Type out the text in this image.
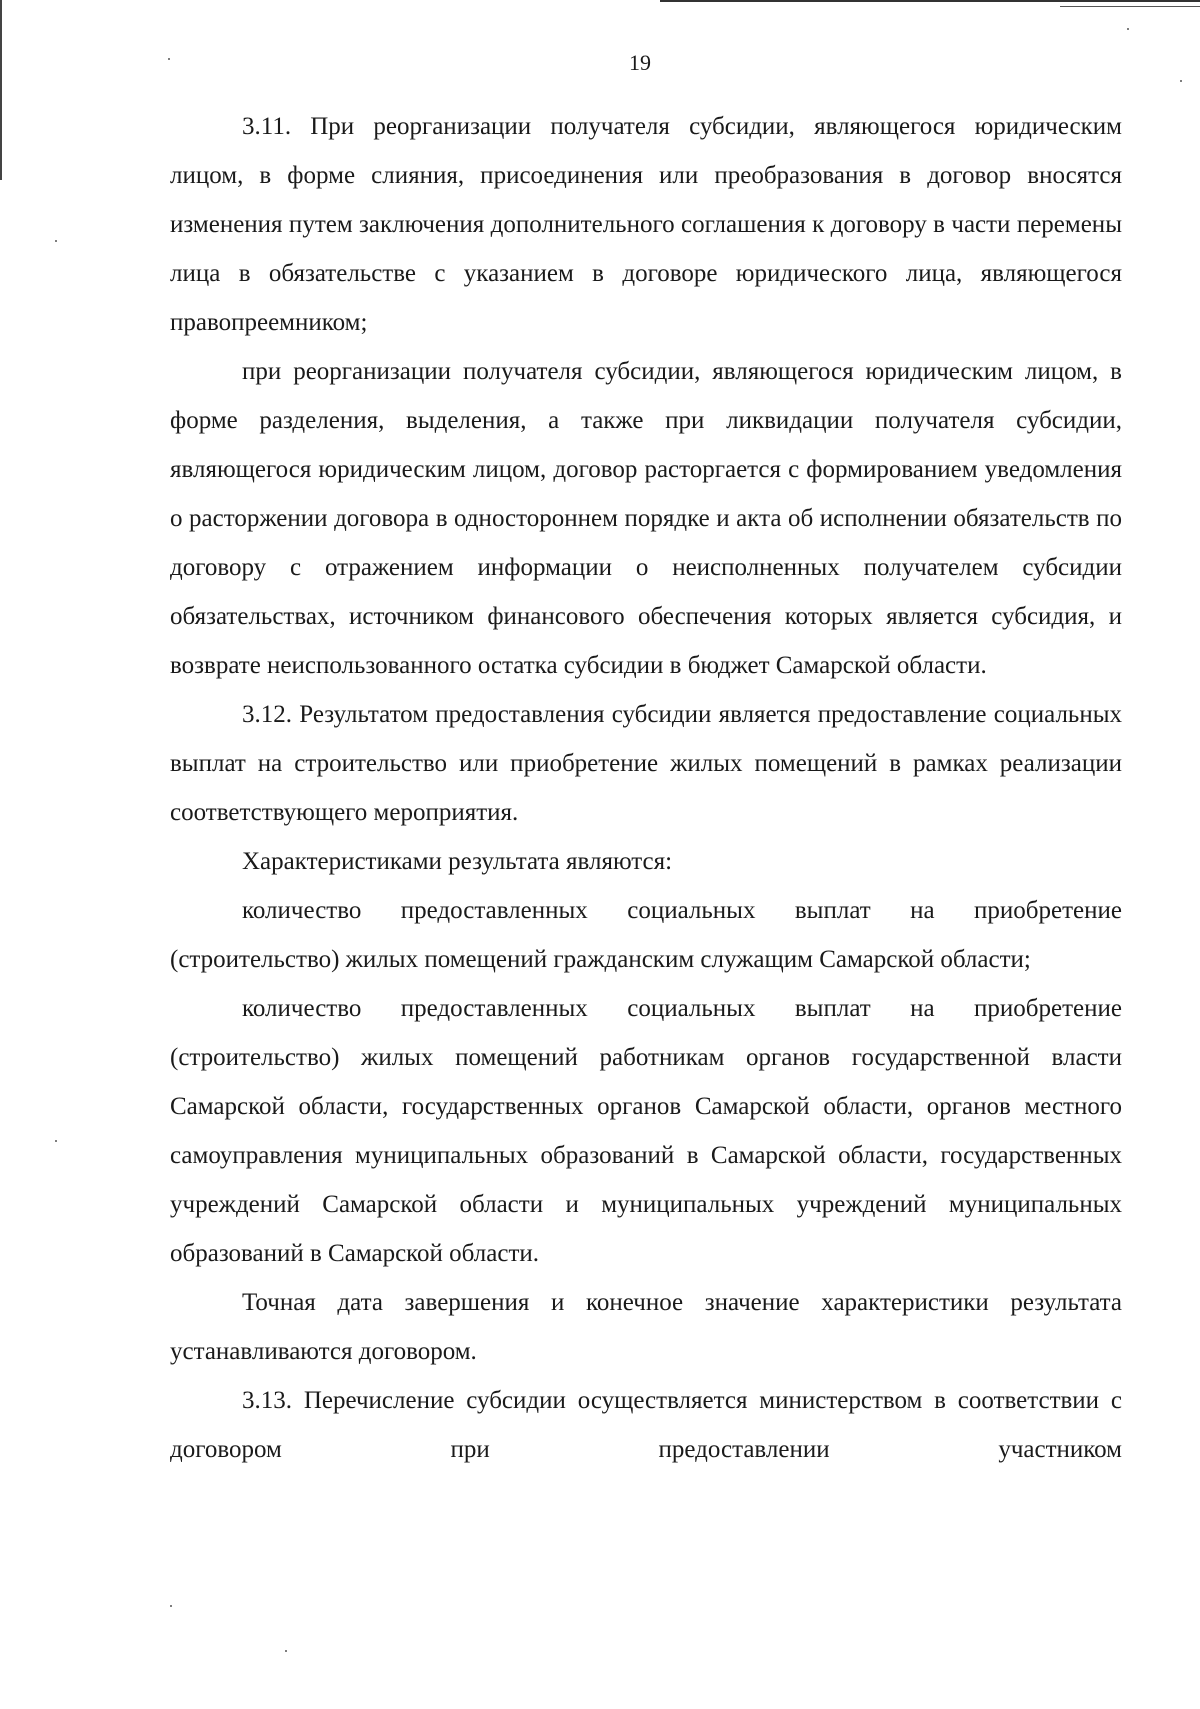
19

3.11. При реорганизации получателя субсидии, являющегося юридическим лицом, в форме слияния, присоединения или преобразования в договор вносятся изменения путем заключения дополнительного соглашения к договору в части перемены лица в обязательстве с указанием в договоре юридического лица, являющегося правопреемником;

при реорганизации получателя субсидии, являющегося юридическим лицом, в форме разделения, выделения, а также при ликвидации получателя субсидии, являющегося юридическим лицом, договор расторгается с формированием уведомления о расторжении договора в одностороннем порядке и акта об исполнении обязательств по договору с отражением информации о неисполненных получателем субсидии обязательствах, источником финансового обеспечения которых является субсидия, и возврате неиспользованного остатка субсидии в бюджет Самарской области.

3.12. Результатом предоставления субсидии является предоставление социальных выплат на строительство или приобретение жилых помещений в рамках реализации соответствующего мероприятия.

Характеристиками результата являются:

количество предоставленных социальных выплат на приобретение (строительство) жилых помещений гражданским служащим Самарской области;

количество предоставленных социальных выплат на приобретение (строительство) жилых помещений работникам органов государственной власти Самарской области, государственных органов Самарской области, органов местного самоуправления муниципальных образований в Самарской области, государственных учреждений Самарской области и муниципальных учреждений муниципальных образований в Самарской области.

Точная дата завершения и конечное значение характеристики результата устанавливаются договором.

3.13. Перечисление субсидии осуществляется министерством в соответствии с договором при предоставлении участником
